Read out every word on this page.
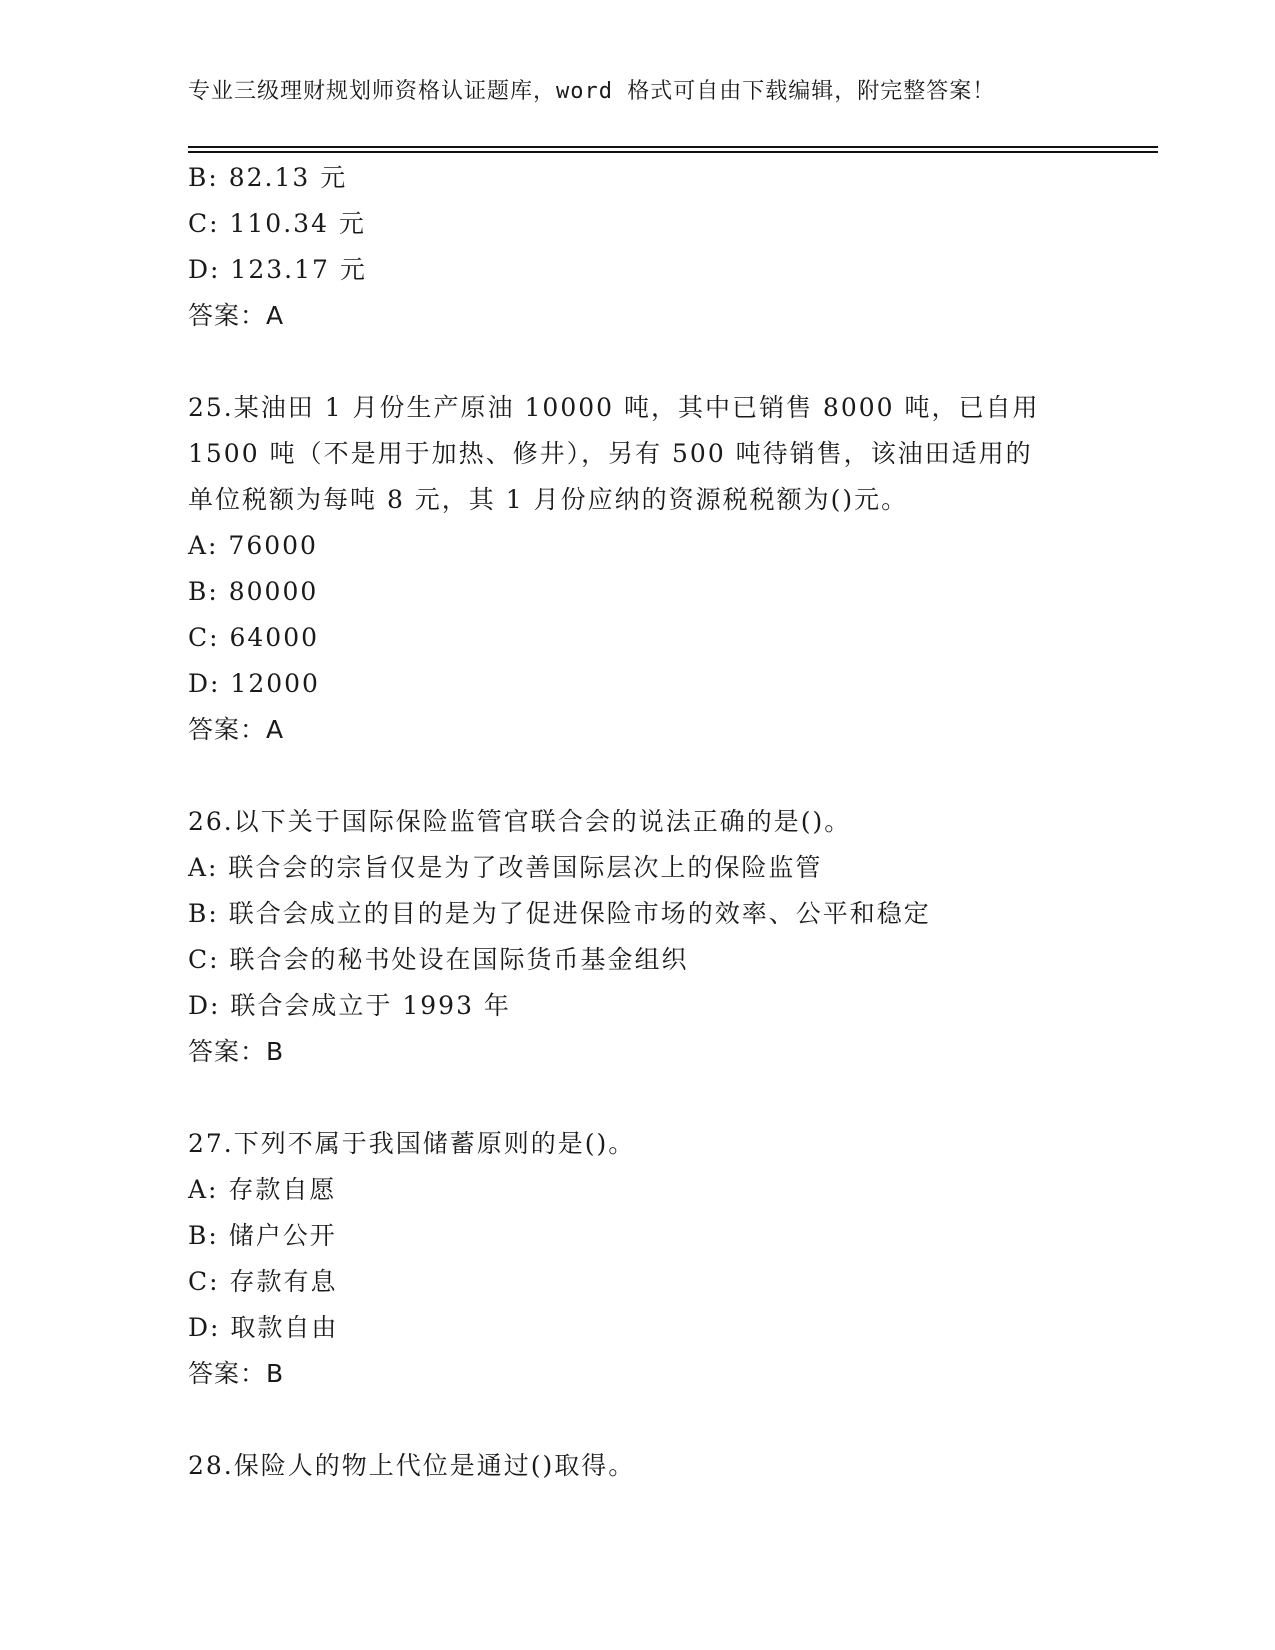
专业三级理财规划师资格认证题库，word 格式可自由下载编辑，附完整答案！
B: 82.13 元
C: 110.34 元
D: 123.17 元
答案：A
25.某油田 1 月份生产原油 10000 吨，其中已销售 8000 吨，已自用
1500 吨（不是用于加热、修井），另有 500 吨待销售，该油田适用的
单位税额为每吨 8 元，其 1 月份应纳的资源税税额为()元。
A: 76000
B: 80000
C: 64000
D: 12000
答案：A
26.以下关于国际保险监管官联合会的说法正确的是()。
A: 联合会的宗旨仅是为了改善国际层次上的保险监管
B: 联合会成立的目的是为了促进保险市场的效率、公平和稳定
C: 联合会的秘书处设在国际货币基金组织
D: 联合会成立于 1993 年
答案：B
27.下列不属于我国储蓄原则的是()。
A: 存款自愿
B: 储户公开
C: 存款有息
D: 取款自由
答案：B
28.保险人的物上代位是通过()取得。
